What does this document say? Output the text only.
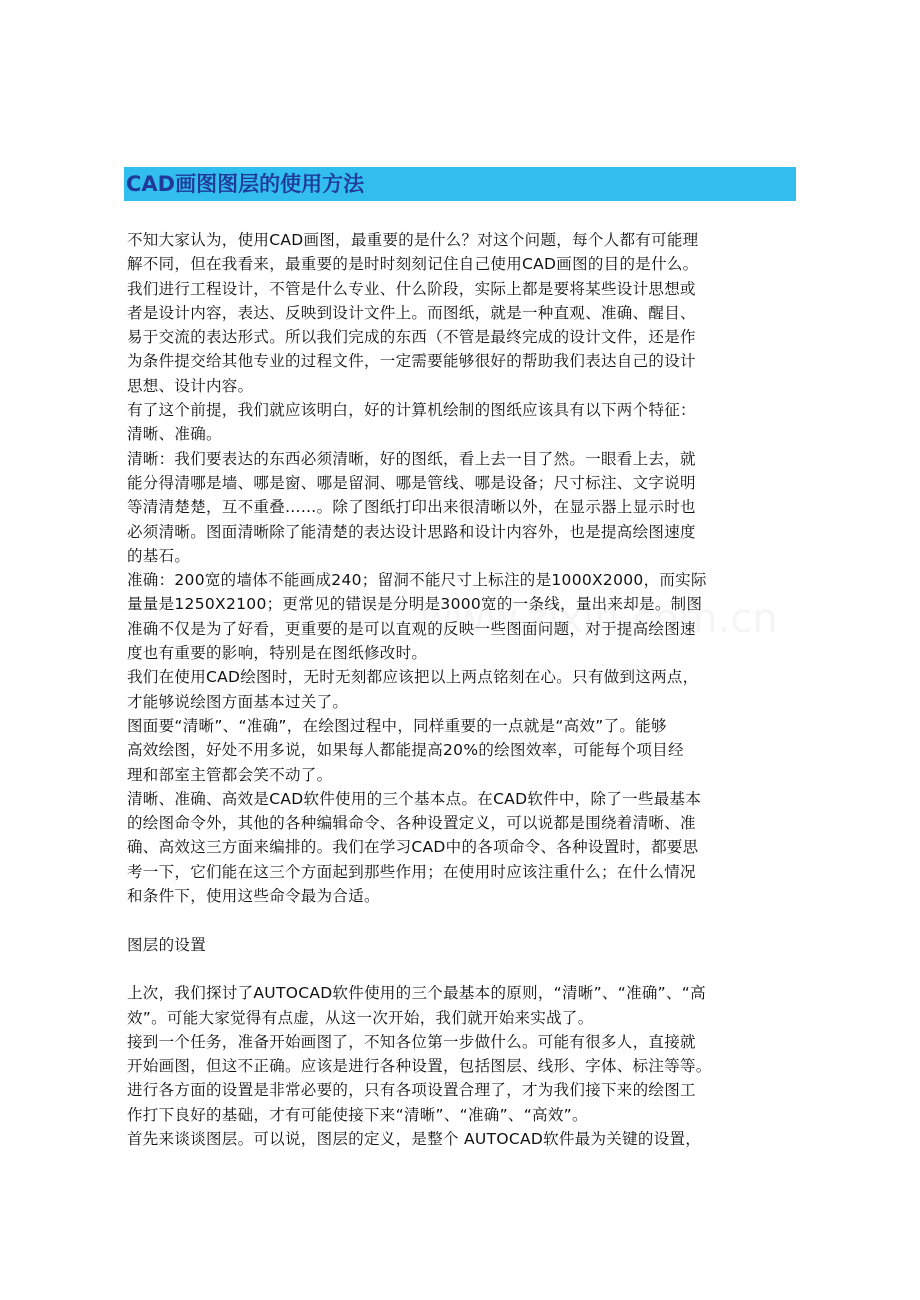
CAD画图图层的使用方法
不知大家认为，使用CAD画图，最重要的是什么？对这个问题，每个人都有可能理
解不同，但在我看来，最重要的是时时刻刻记住自己使用CAD画图的目的是什么。
我们进行工程设计，不管是什么专业、什么阶段，实际上都是要将某些设计思想或
者是设计内容，表达、反映到设计文件上。而图纸，就是一种直观、准确、醒目、
易于交流的表达形式。所以我们完成的东西（不管是最终完成的设计文件，还是作
为条件提交给其他专业的过程文件，一定需要能够很好的帮助我们表达自己的设计
思想、设计内容。
有了这个前提，我们就应该明白，好的计算机绘制的图纸应该具有以下两个特征：
清晰、准确。
清晰：我们要表达的东西必须清晰，好的图纸，看上去一目了然。一眼看上去，就
能分得清哪是墙、哪是窗、哪是留洞、哪是管线、哪是设备；尺寸标注、文字说明
等清清楚楚，互不重叠……。除了图纸打印出来很清晰以外，在显示器上显示时也
必须清晰。图面清晰除了能清楚的表达设计思路和设计内容外，也是提高绘图速度
的基石。
准确：200宽的墙体不能画成240；留洞不能尺寸上标注的是1000X2000，而实际
量量是1250X2100；更常见的错误是分明是3000宽的一条线，量出来却是。制图
准确不仅是为了好看，更重要的是可以直观的反映一些图面问题，对于提高绘图速
度也有重要的影响，特别是在图纸修改时。
我们在使用CAD绘图时，无时无刻都应该把以上两点铭刻在心。只有做到这两点，
才能够说绘图方面基本过关了。
图面要“清晰”、“准确”，在绘图过程中，同样重要的一点就是“高效”了。能够
高效绘图，好处不用多说，如果每人都能提高20%的绘图效率，可能每个项目经
理和部室主管都会笑不动了。
清晰、准确、高效是CAD软件使用的三个基本点。在CAD软件中，除了一些最基本
的绘图命令外，其他的各种编辑命令、各种设置定义，可以说都是围绕着清晰、准
确、高效这三方面来编排的。我们在学习CAD中的各项命令、各种设置时，都要思
考一下，它们能在这三个方面起到那些作用；在使用时应该注重什么；在什么情况
和条件下，使用这些命令最为合适。
图层的设置
上次，我们探讨了AUTOCAD软件使用的三个最基本的原则，“清晰”、“准确”、“高
效”。可能大家觉得有点虚，从这一次开始，我们就开始来实战了。
接到一个任务，准备开始画图了，不知各位第一步做什么。可能有很多人，直接就
开始画图，但这不正确。应该是进行各种设置，包括图层、线形、字体、标注等等。
进行各方面的设置是非常必要的，只有各项设置合理了，才为我们接下来的绘图工
作打下良好的基础，才有可能使接下来“清晰”、“准确”、“高效”。
首先来谈谈图层。可以说，图层的定义，是整个 AUTOCAD软件最为关键的设置，
